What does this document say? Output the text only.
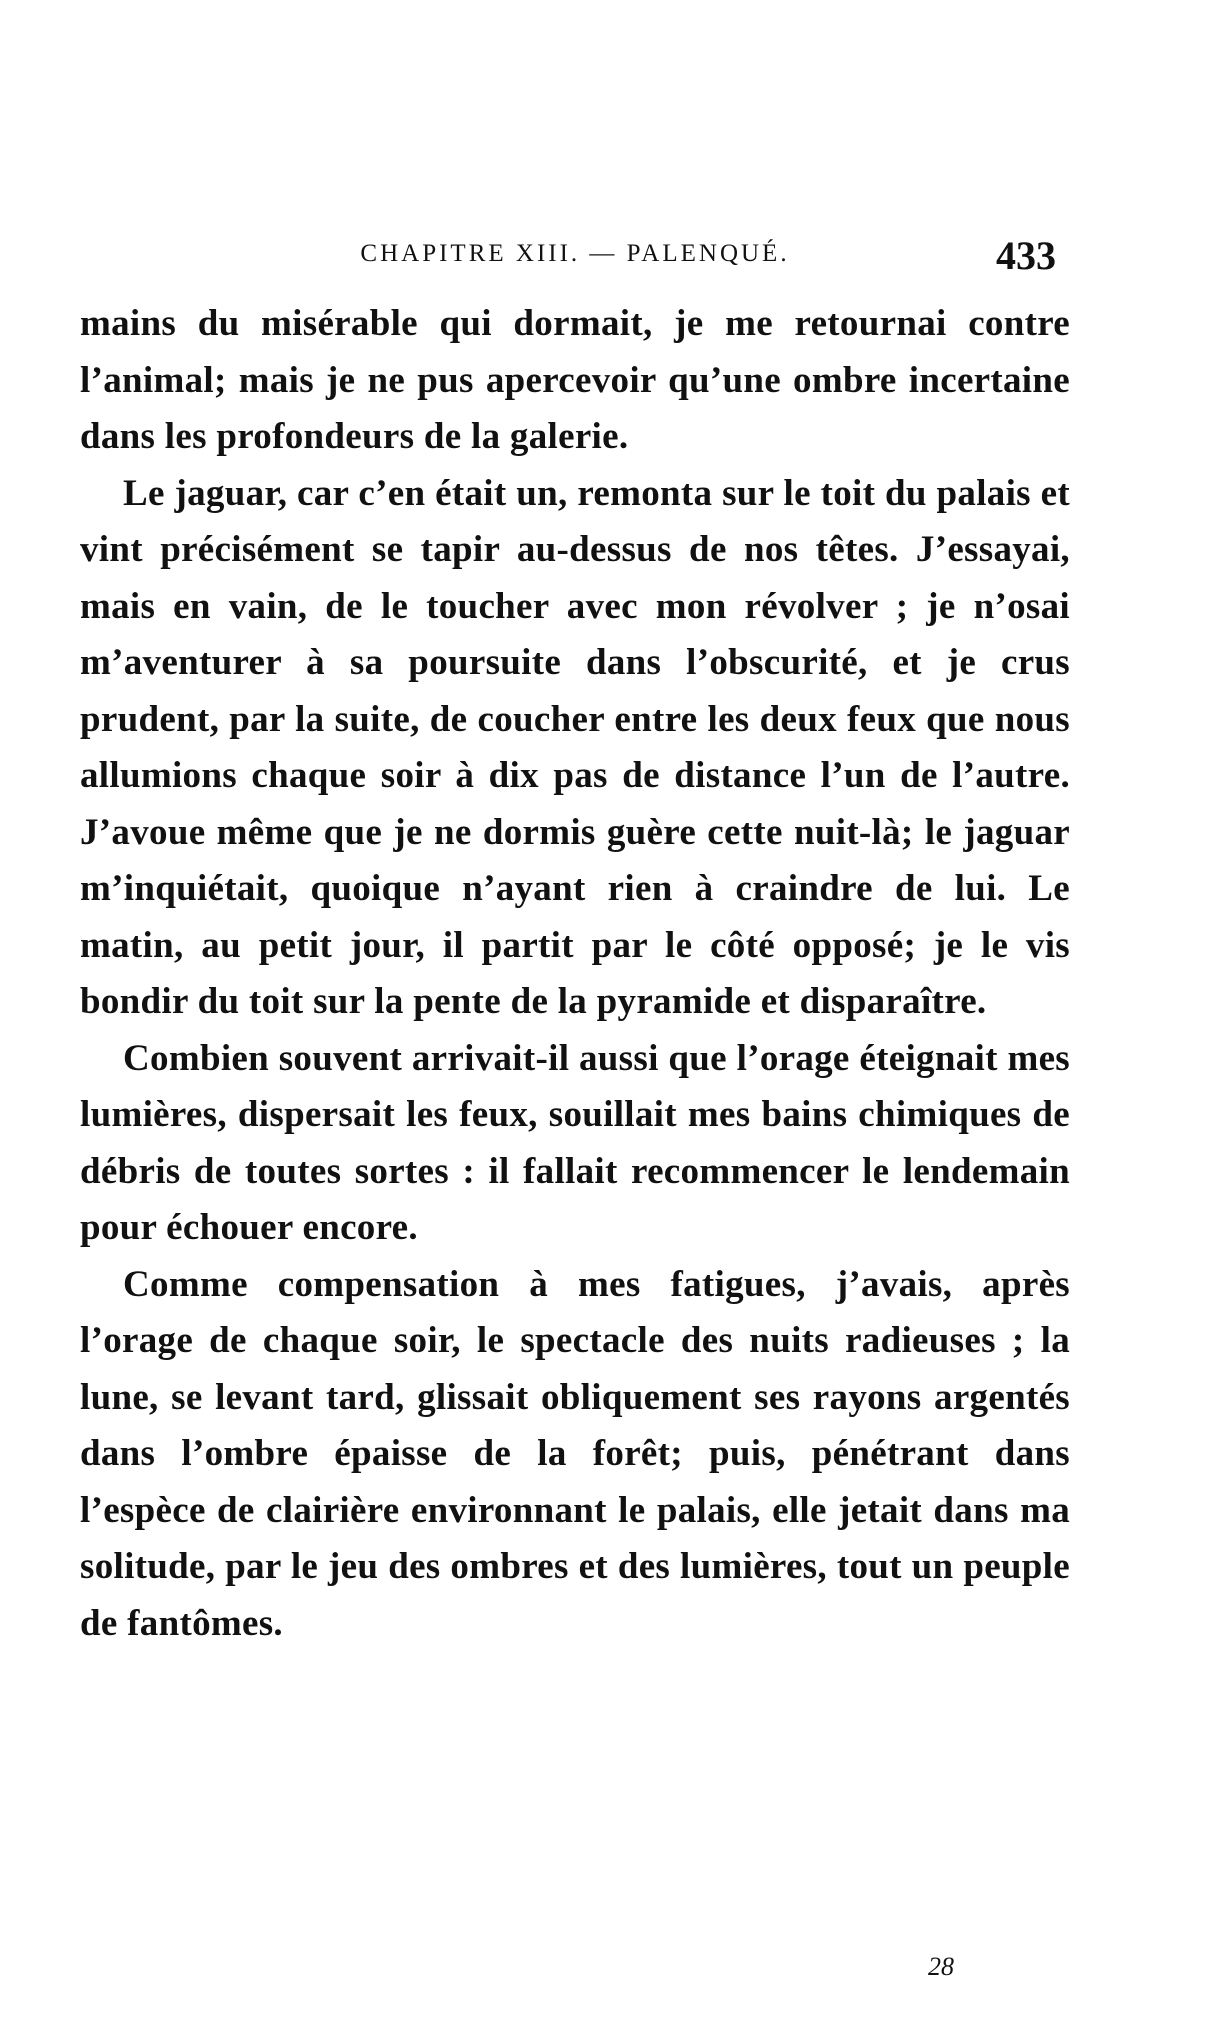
CHAPITRE XIII. — PALENQUÉ.	433

mains du misérable qui dormait, je me retournai contre l’animal; mais je ne pus apercevoir qu’une ombre incertaine dans les profondeurs de la galerie.

Le jaguar, car c’en était un, remonta sur le toit du palais et vint précisément se tapir au-dessus de nos têtes. J’essayai, mais en vain, de le toucher avec mon révolver ; je n’osai m’aventurer à sa poursuite dans l’obscurité, et je crus prudent, par la suite, de coucher entre les deux feux que nous allumions chaque soir à dix pas de distance l’un de l’autre. J’avoue même que je ne dormis guère cette nuit-là; le jaguar m’inquiétait, quoique n’ayant rien à craindre de lui. Le matin, au petit jour, il partit par le côté opposé; je le vis bondir du toit sur la pente de la pyramide et disparaître.

Combien souvent arrivait-il aussi que l’orage éteignait mes lumières, dispersait les feux, souillait mes bains chimiques de débris de toutes sortes : il fallait recommencer le lendemain pour échouer encore.

Comme compensation à mes fatigues, j’avais, après l’orage de chaque soir, le spectacle des nuits radieuses ; la lune, se levant tard, glissait obliquement ses rayons argentés dans l’ombre épaisse de la forêt; puis, pénétrant dans l’espèce de clairière environnant le palais, elle jetait dans ma solitude, par le jeu des ombres et des lumières, tout un peuple de fantômes.

28
